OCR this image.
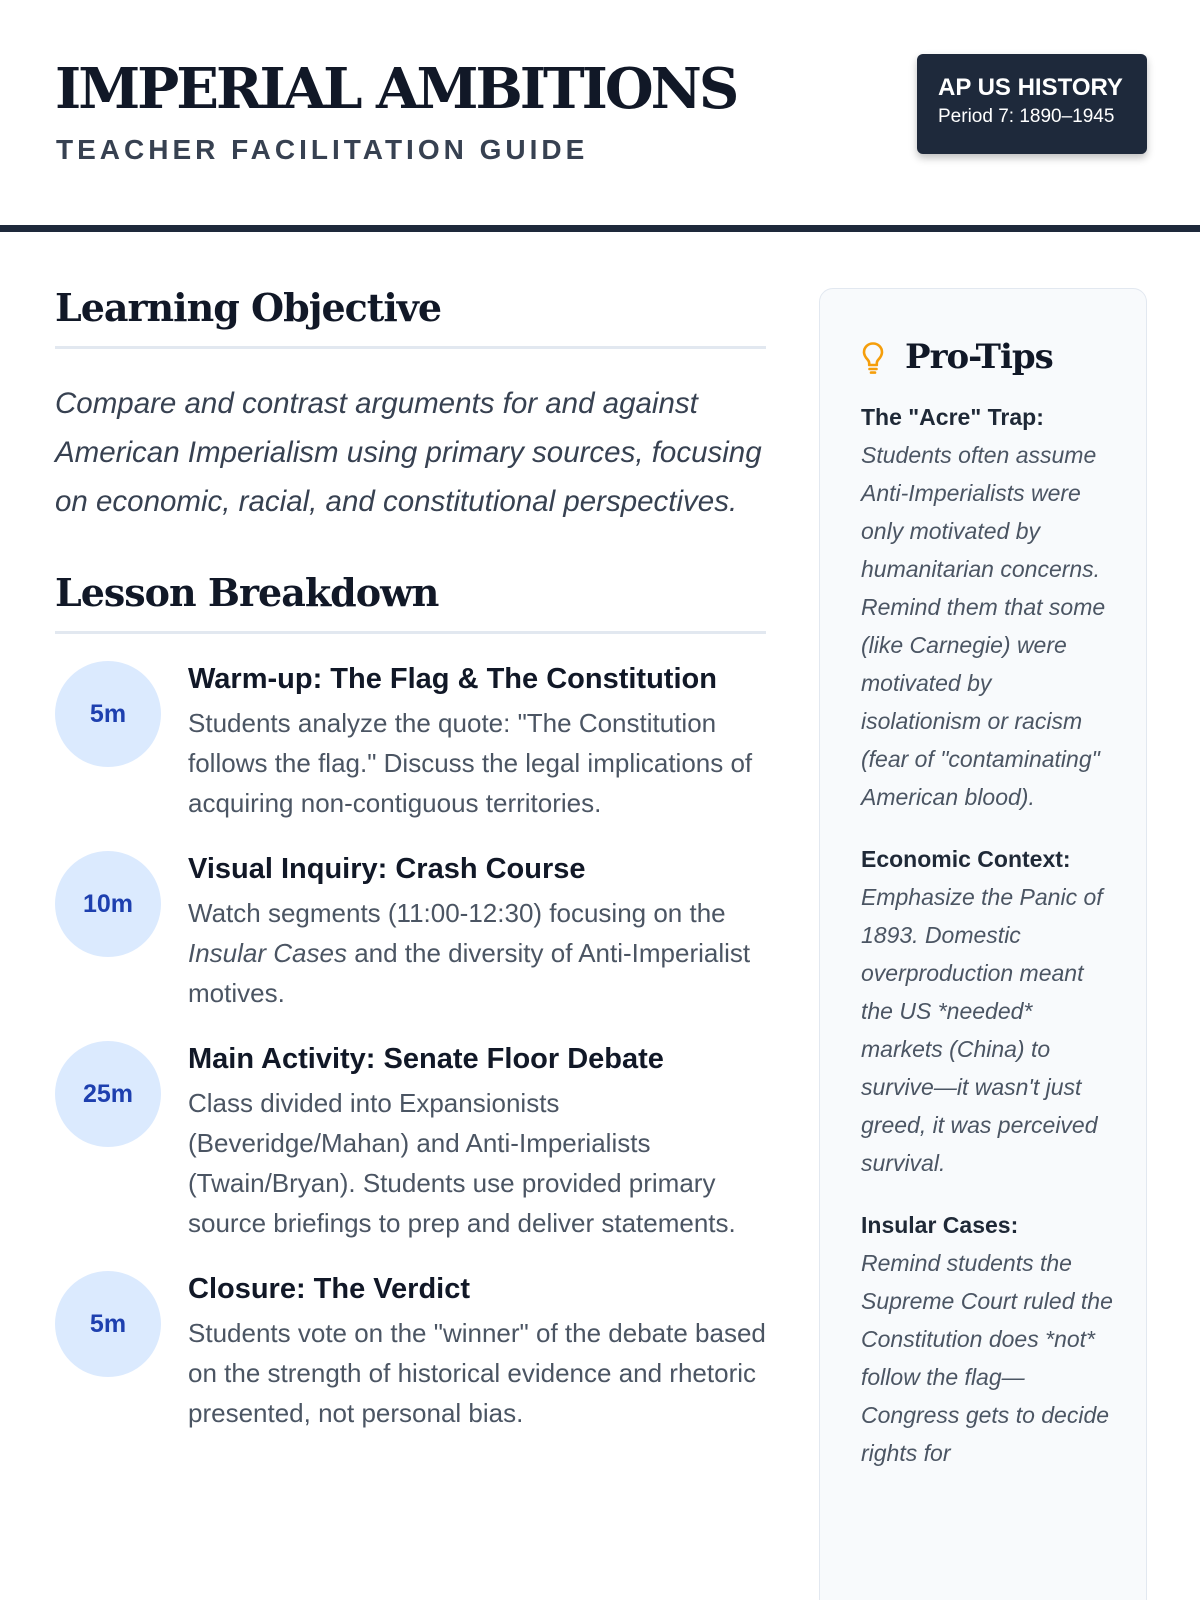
IMPERIAL AMBITIONS
TEACHER FACILITATION GUIDE
AP US HISTORY
Period 7: 1890–1945
Learning Objective

Compare and contrast arguments for and against American Imperialism using primary sources, focusing on economic, racial, and constitutional perspectives.

Lesson Breakdown
5m
Warm-up: The Flag & The Constitution
Students analyze the quote: "The Constitution follows the flag." Discuss the legal implications of acquiring non-contiguous territories.
10m
Visual Inquiry: Crash Course
Watch segments (11:00-12:30) focusing on the Insular Cases and the diversity of Anti-Imperialist motives.
25m
Main Activity: Senate Floor Debate
Class divided into Expansionists (Beveridge/Mahan) and Anti-Imperialists (Twain/Bryan). Students use provided primary source briefings to prep and deliver statements.
5m
Closure: The Verdict
Students vote on the "winner" of the debate based on the strength of historical evidence and rhetoric presented, not personal bias.
Pro-Tips
The "Acre" Trap:
Students often assume Anti-Imperialists were only motivated by humanitarian concerns. Remind them that some (like Carnegie) were motivated by isolationism or racism (fear of "contaminating" American blood).
Economic Context:
Emphasize the Panic of 1893. Domestic overproduction meant the US *needed* markets (China) to survive—it wasn't just greed, it was perceived survival.
Insular Cases:
Remind students the Supreme Court ruled the Constitution does *not* follow the flag—Congress gets to decide rights for
